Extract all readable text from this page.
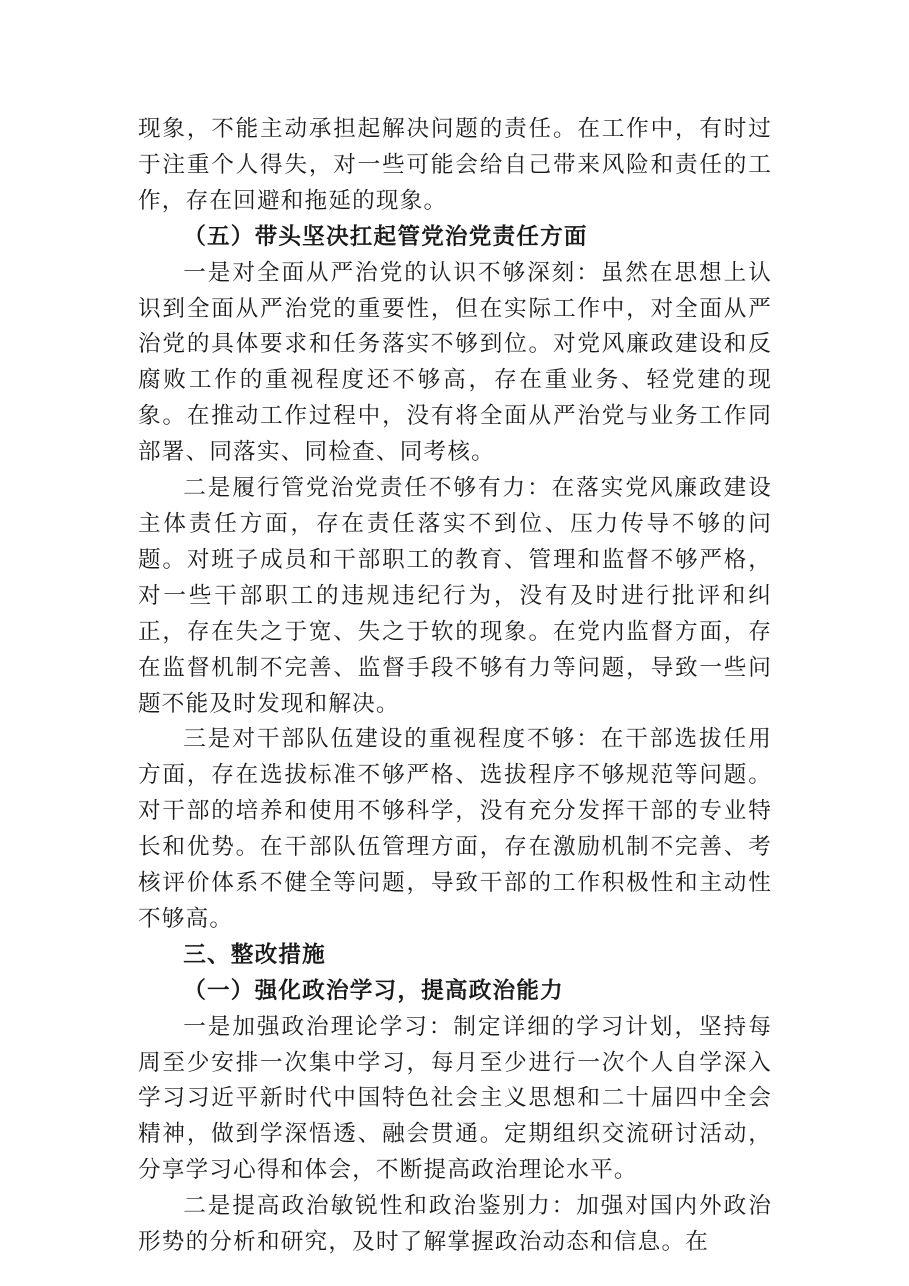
现象，不能主动承担起解决问题的责任。在工作中，有时过于注重个人得失，对一些可能会给自己带来风险和责任的工作，存在回避和拖延的现象。

（五）带头坚决扛起管党治党责任方面

一是对全面从严治党的认识不够深刻：虽然在思想上认识到全面从严治党的重要性，但在实际工作中，对全面从严治党的具体要求和任务落实不够到位。对党风廉政建设和反腐败工作的重视程度还不够高，存在重业务、轻党建的现象。在推动工作过程中，没有将全面从严治党与业务工作同部署、同落实、同检查、同考核。

二是履行管党治党责任不够有力：在落实党风廉政建设主体责任方面，存在责任落实不到位、压力传导不够的问题。对班子成员和干部职工的教育、管理和监督不够严格，对一些干部职工的违规违纪行为，没有及时进行批评和纠正，存在失之于宽、失之于软的现象。在党内监督方面，存在监督机制不完善、监督手段不够有力等问题，导致一些问题不能及时发现和解决。

三是对干部队伍建设的重视程度不够：在干部选拔任用方面，存在选拔标准不够严格、选拔程序不够规范等问题。对干部的培养和使用不够科学，没有充分发挥干部的专业特长和优势。在干部队伍管理方面，存在激励机制不完善、考核评价体系不健全等问题，导致干部的工作积极性和主动性不够高。

三、整改措施

（一）强化政治学习，提高政治能力

一是加强政治理论学习：制定详细的学习计划，坚持每周至少安排一次集中学习，每月至少进行一次个人自学深入学习习近平新时代中国特色社会主义思想和二十届四中全会精神，做到学深悟透、融会贯通。定期组织交流研讨活动，分享学习心得和体会，不断提高政治理论水平。

二是提高政治敏锐性和政治鉴别力：加强对国内外政治形势的分析和研究，及时了解掌握政治动态和信息。在
